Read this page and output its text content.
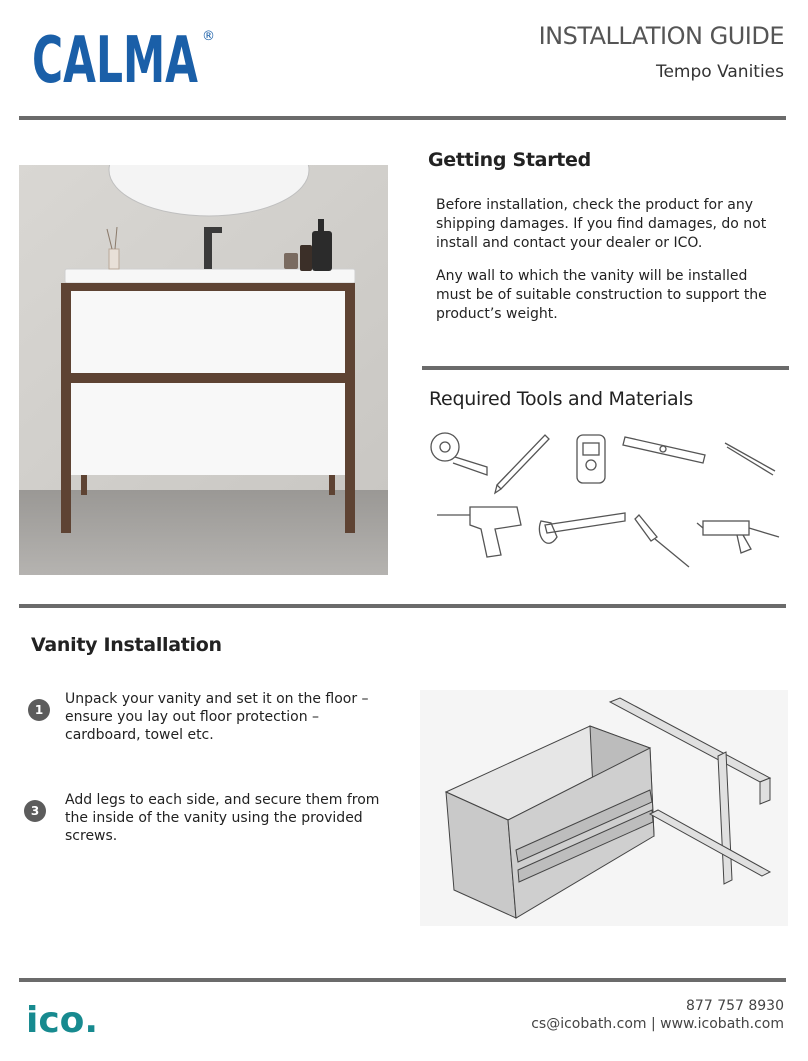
CALMA ®	INSTALLATION GUIDE
Tempo Vanities
Getting Started
Before installation, check the product for any shipping damages. If you find damages, do not install and contact your dealer or ICO.
Any wall to which the vanity will be installed must be of suitable construction to support the product’s weight.
Required Tools and Materials
Vanity Installation
1
Unpack your vanity and set it on the floor – ensure you lay out floor protection – cardboard, towel etc.
3
Add legs to each side, and secure them from the inside of the vanity using the provided screws.
ico.	877 757 8930
cs@icobath.com | www.icobath.com
